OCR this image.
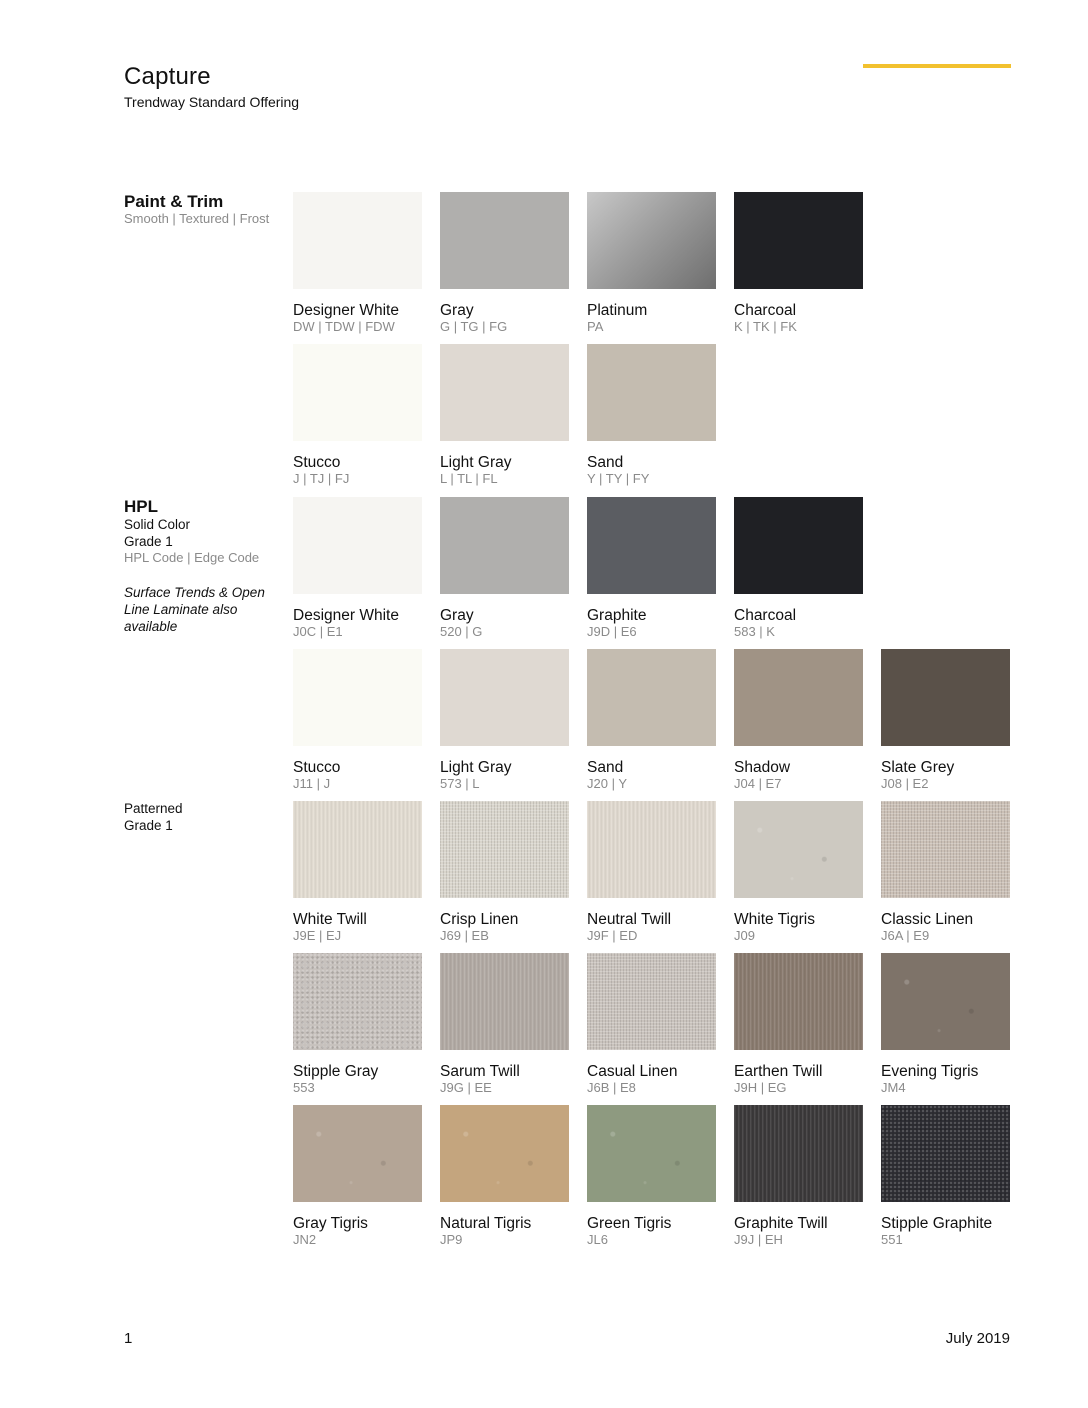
Capture
Trendway Standard Offering
Paint & Trim
Smooth | Textured | Frost
Designer White
DW | TDW | FDW
Gray
G | TG | FG
Platinum
PA
Charcoal
K | TK | FK
Stucco
J | TJ | FJ
Light Gray
L | TL | FL
Sand
Y | TY | FY
HPL
Solid Color
Grade 1
HPL Code | Edge Code
Surface Trends & Open Line Laminate also available
Designer White
J0C | E1
Gray
520 | G
Graphite
J9D | E6
Charcoal
583 | K
Stucco
J11 | J
Light Gray
573 | L
Sand
J20 | Y
Shadow
J04 | E7
Slate Grey
J08 | E2
Patterned
Grade 1
White Twill
J9E | EJ
Crisp Linen
J69 | EB
Neutral Twill
J9F | ED
White Tigris
J09
Classic Linen
J6A | E9
Stipple Gray
553
Sarum Twill
J9G | EE
Casual Linen
J6B | E8
Earthen Twill
J9H | EG
Evening Tigris
JM4
Gray Tigris
JN2
Natural Tigris
JP9
Green Tigris
JL6
Graphite Twill
J9J | EH
Stipple Graphite
551
1	July 2019
